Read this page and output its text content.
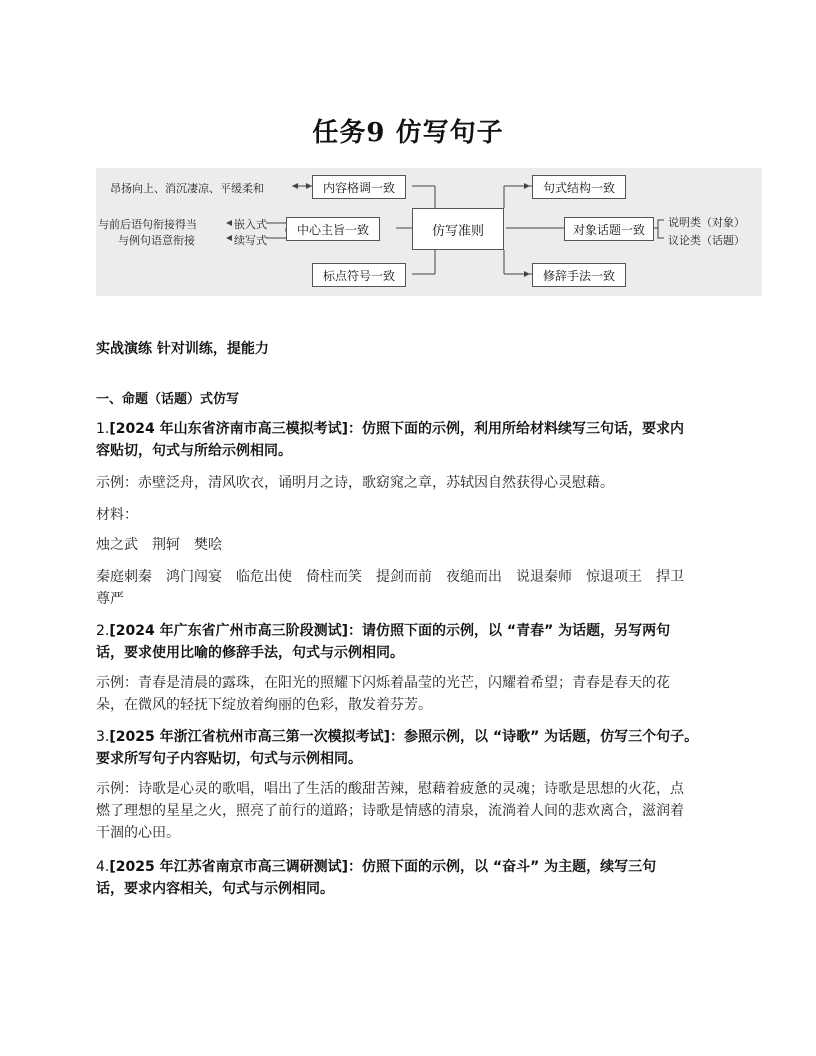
任务9 仿写句子
内容格调一致
中心主旨一致
标点符号一致
仿写准则
句式结构一致
对象话题一致
修辞手法一致
昂扬向上、消沉凄凉、平缓柔和
与前后语句衔接得当	嵌入式
与例句语意衔接	续写式
说明类（对象）
议论类（话题）
实战演练 针对训练，提能力
一、命题（话题）式仿写
1.[2024 年山东省济南市高三模拟考试]：仿照下面的示例，利用所给材料续写三句话，要求内
容贴切，句式与所给示例相同。
示例：赤壁泛舟，清风吹衣，诵明月之诗，歌窈窕之章，苏轼因自然获得心灵慰藉。
材料：
烛之武 荆轲 樊哙
秦庭刺秦 鸿门闯宴 临危出使 倚柱而笑 提剑而前 夜缒而出 说退秦师 惊退项王 捍卫
尊严
2.[2024 年广东省广州市高三阶段测试]：请仿照下面的示例，以 “青春” 为话题，另写两句
话，要求使用比喻的修辞手法，句式与示例相同。
示例：青春是清晨的露珠，在阳光的照耀下闪烁着晶莹的光芒，闪耀着希望；青春是春天的花
朵，在微风的轻抚下绽放着绚丽的色彩，散发着芬芳。
3.[2025 年浙江省杭州市高三第一次模拟考试]：参照示例，以 “诗歌” 为话题，仿写三个句子。
要求所写句子内容贴切，句式与示例相同。
示例：诗歌是心灵的歌唱，唱出了生活的酸甜苦辣，慰藉着疲惫的灵魂；诗歌是思想的火花，点
燃了理想的星星之火，照亮了前行的道路；诗歌是情感的清泉，流淌着人间的悲欢离合，滋润着
干涸的心田。
4.[2025 年江苏省南京市高三调研测试]：仿照下面的示例，以 “奋斗” 为主题，续写三句
话，要求内容相关，句式与示例相同。
